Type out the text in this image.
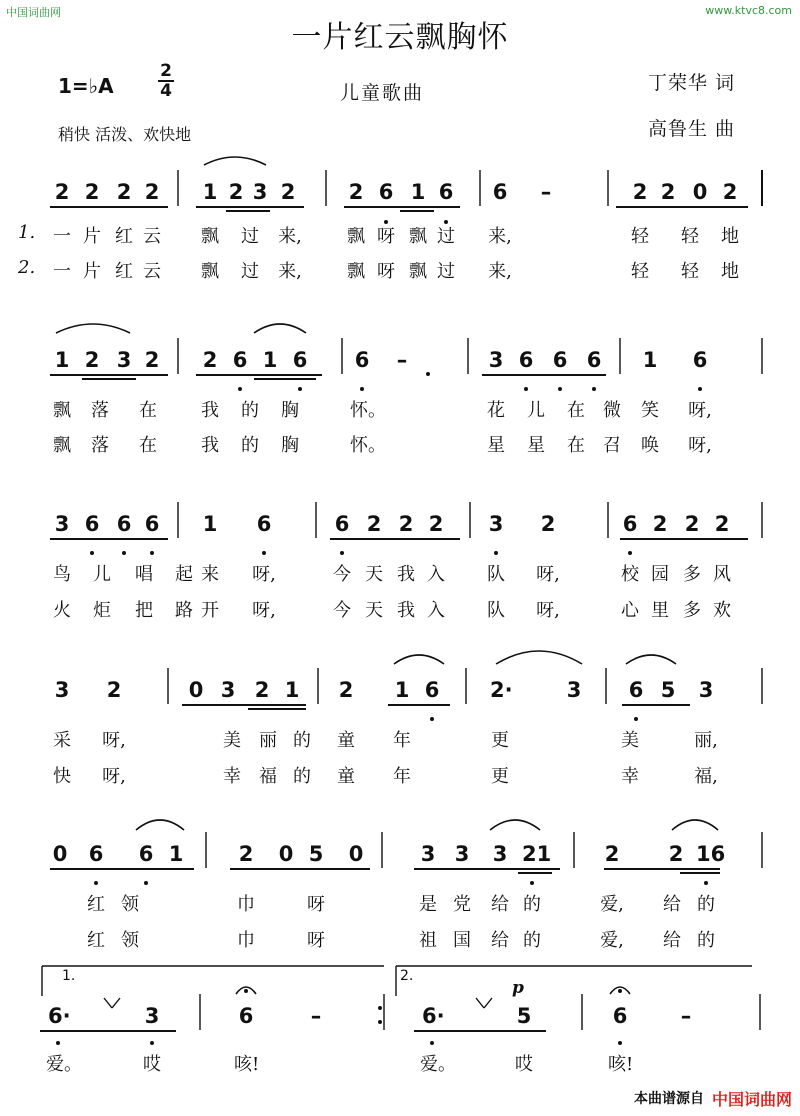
中国词曲网	www.ktvc8.com
一片红云飘胸怀
1=♭A
2
4	儿童歌曲	丁荣华 词
高鲁生 曲
稍快 活泼、欢快地
2 2 2 2 1 2 3 2	2 6 1 6 6 –	2 2 0 2
一 片 红 云 飘 过 来,	飘 呀 飘 过 来,	轻 轻 地
一 片 红 云 飘 过 来,	飘 呀 飘 过 来,	轻 轻 地
1 2 3 2 2 6 1 6 6 –	3 6 6 6 1 6
飘 落 在 我 的 胸	怀。	花 儿 在 微 笑 呀,
飘 落 在 我 的 胸	怀。	星 星 在 召 唤 呀,
3 6 6 6 1 6	6 2 2 2 3 2	6 2 2 2
鸟 儿 唱 起 来 呀,	今 天 我 入 队 呀,	校 园 多 风
火 炬 把 路 开 呀,	今 天 我 入 队 呀,	心 里 多 欢
3 2	0 3 2 1 2 1 6 2·	3 6 5 3
采 呀,	美 丽 的 童 年	更	美	丽,
快 呀,	幸 福 的 童 年	更	幸	福,
0 6 6 1	2 0 5 0	3 3 3 21	2 2 16
红 领	巾	呀	是 党 给 的	爱, 给 的
红 领	巾	呀	祖 国 给 的	爱, 给 的
6·	3	6	–	6·	5	6	–
爱。	哎	咳!	爱。	哎	咳!
1.
2.
1.	2.
p
本曲谱源自 中国词曲网
